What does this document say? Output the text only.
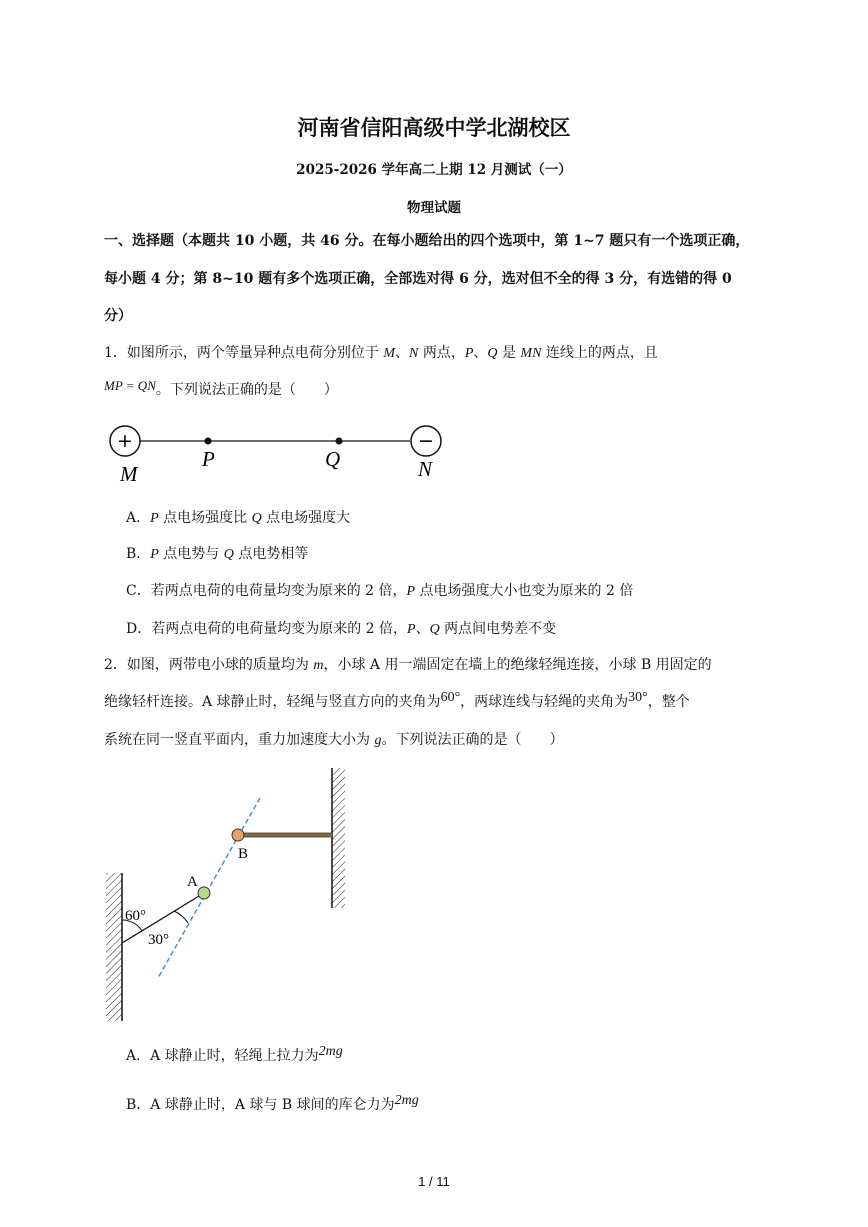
河南省信阳高级中学北湖校区
2025-2026 学年高二上期 12 月测试（一）
物理试题
一、选择题（本题共 10 小题，共 46 分。在每小题给出的四个选项中，第 1~7 题只有一个选项正确，
每小题 4 分；第 8~10 题有多个选项正确，全部选对得 6 分，选对但不全的得 3 分，有选错的得 0
分）
1．如图所示，两个等量异种点电荷分别位于 M、N 两点，P、Q 是 MN 连线上的两点，且
MP = QN。下列说法正确的是（　　）
+	−
M
P	Q	N
A．P 点电场强度比 Q 点电场强度大
B．P 点电势与 Q 点电势相等
C．若两点电荷的电荷量均变为原来的 2 倍，P 点电场强度大小也变为原来的 2 倍
D．若两点电荷的电荷量均变为原来的 2 倍，P、Q 两点间电势差不变
2．如图，两带电小球的质量均为 m，小球 A 用一端固定在墙上的绝缘轻绳连接，小球 B 用固定的
绝缘轻杆连接。A 球静止时，轻绳与竖直方向的夹角为60°，两球连线与轻绳的夹角为30°，整个
系统在同一竖直平面内，重力加速度大小为 g。下列说法正确的是（　　）
A
B
60°
30°
A．A 球静止时，轻绳上拉力为2mg
B．A 球静止时，A 球与 B 球间的库仑力为2mg
1 / 11
